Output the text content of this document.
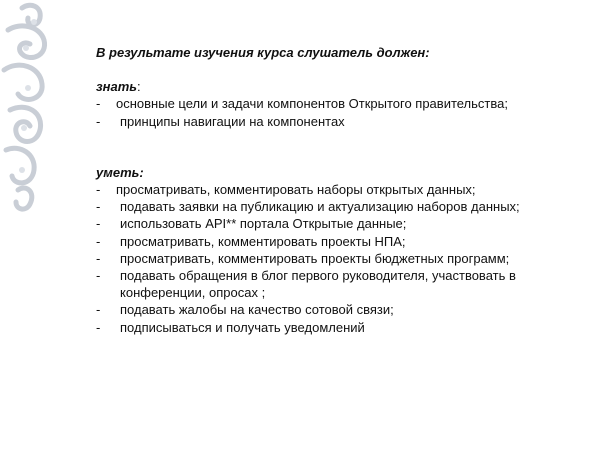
В результате изучения курса слушатель должен:

знать:

- основные цели и задачи компонентов Открытого правительства;
- принципы навигации на компонентах

уметь:

- просматривать, комментировать наборы открытых данных;
- подавать заявки на публикацию и актуализацию наборов данных;
- использовать API** портала Открытые данные;
- просматривать, комментировать проекты НПА;
- просматривать, комментировать проекты бюджетных программ;
- подавать обращения в блог первого руководителя, участвовать в конференции, опросах ;
- подавать жалобы на качество сотовой связи;
- подписываться и получать уведомлений
